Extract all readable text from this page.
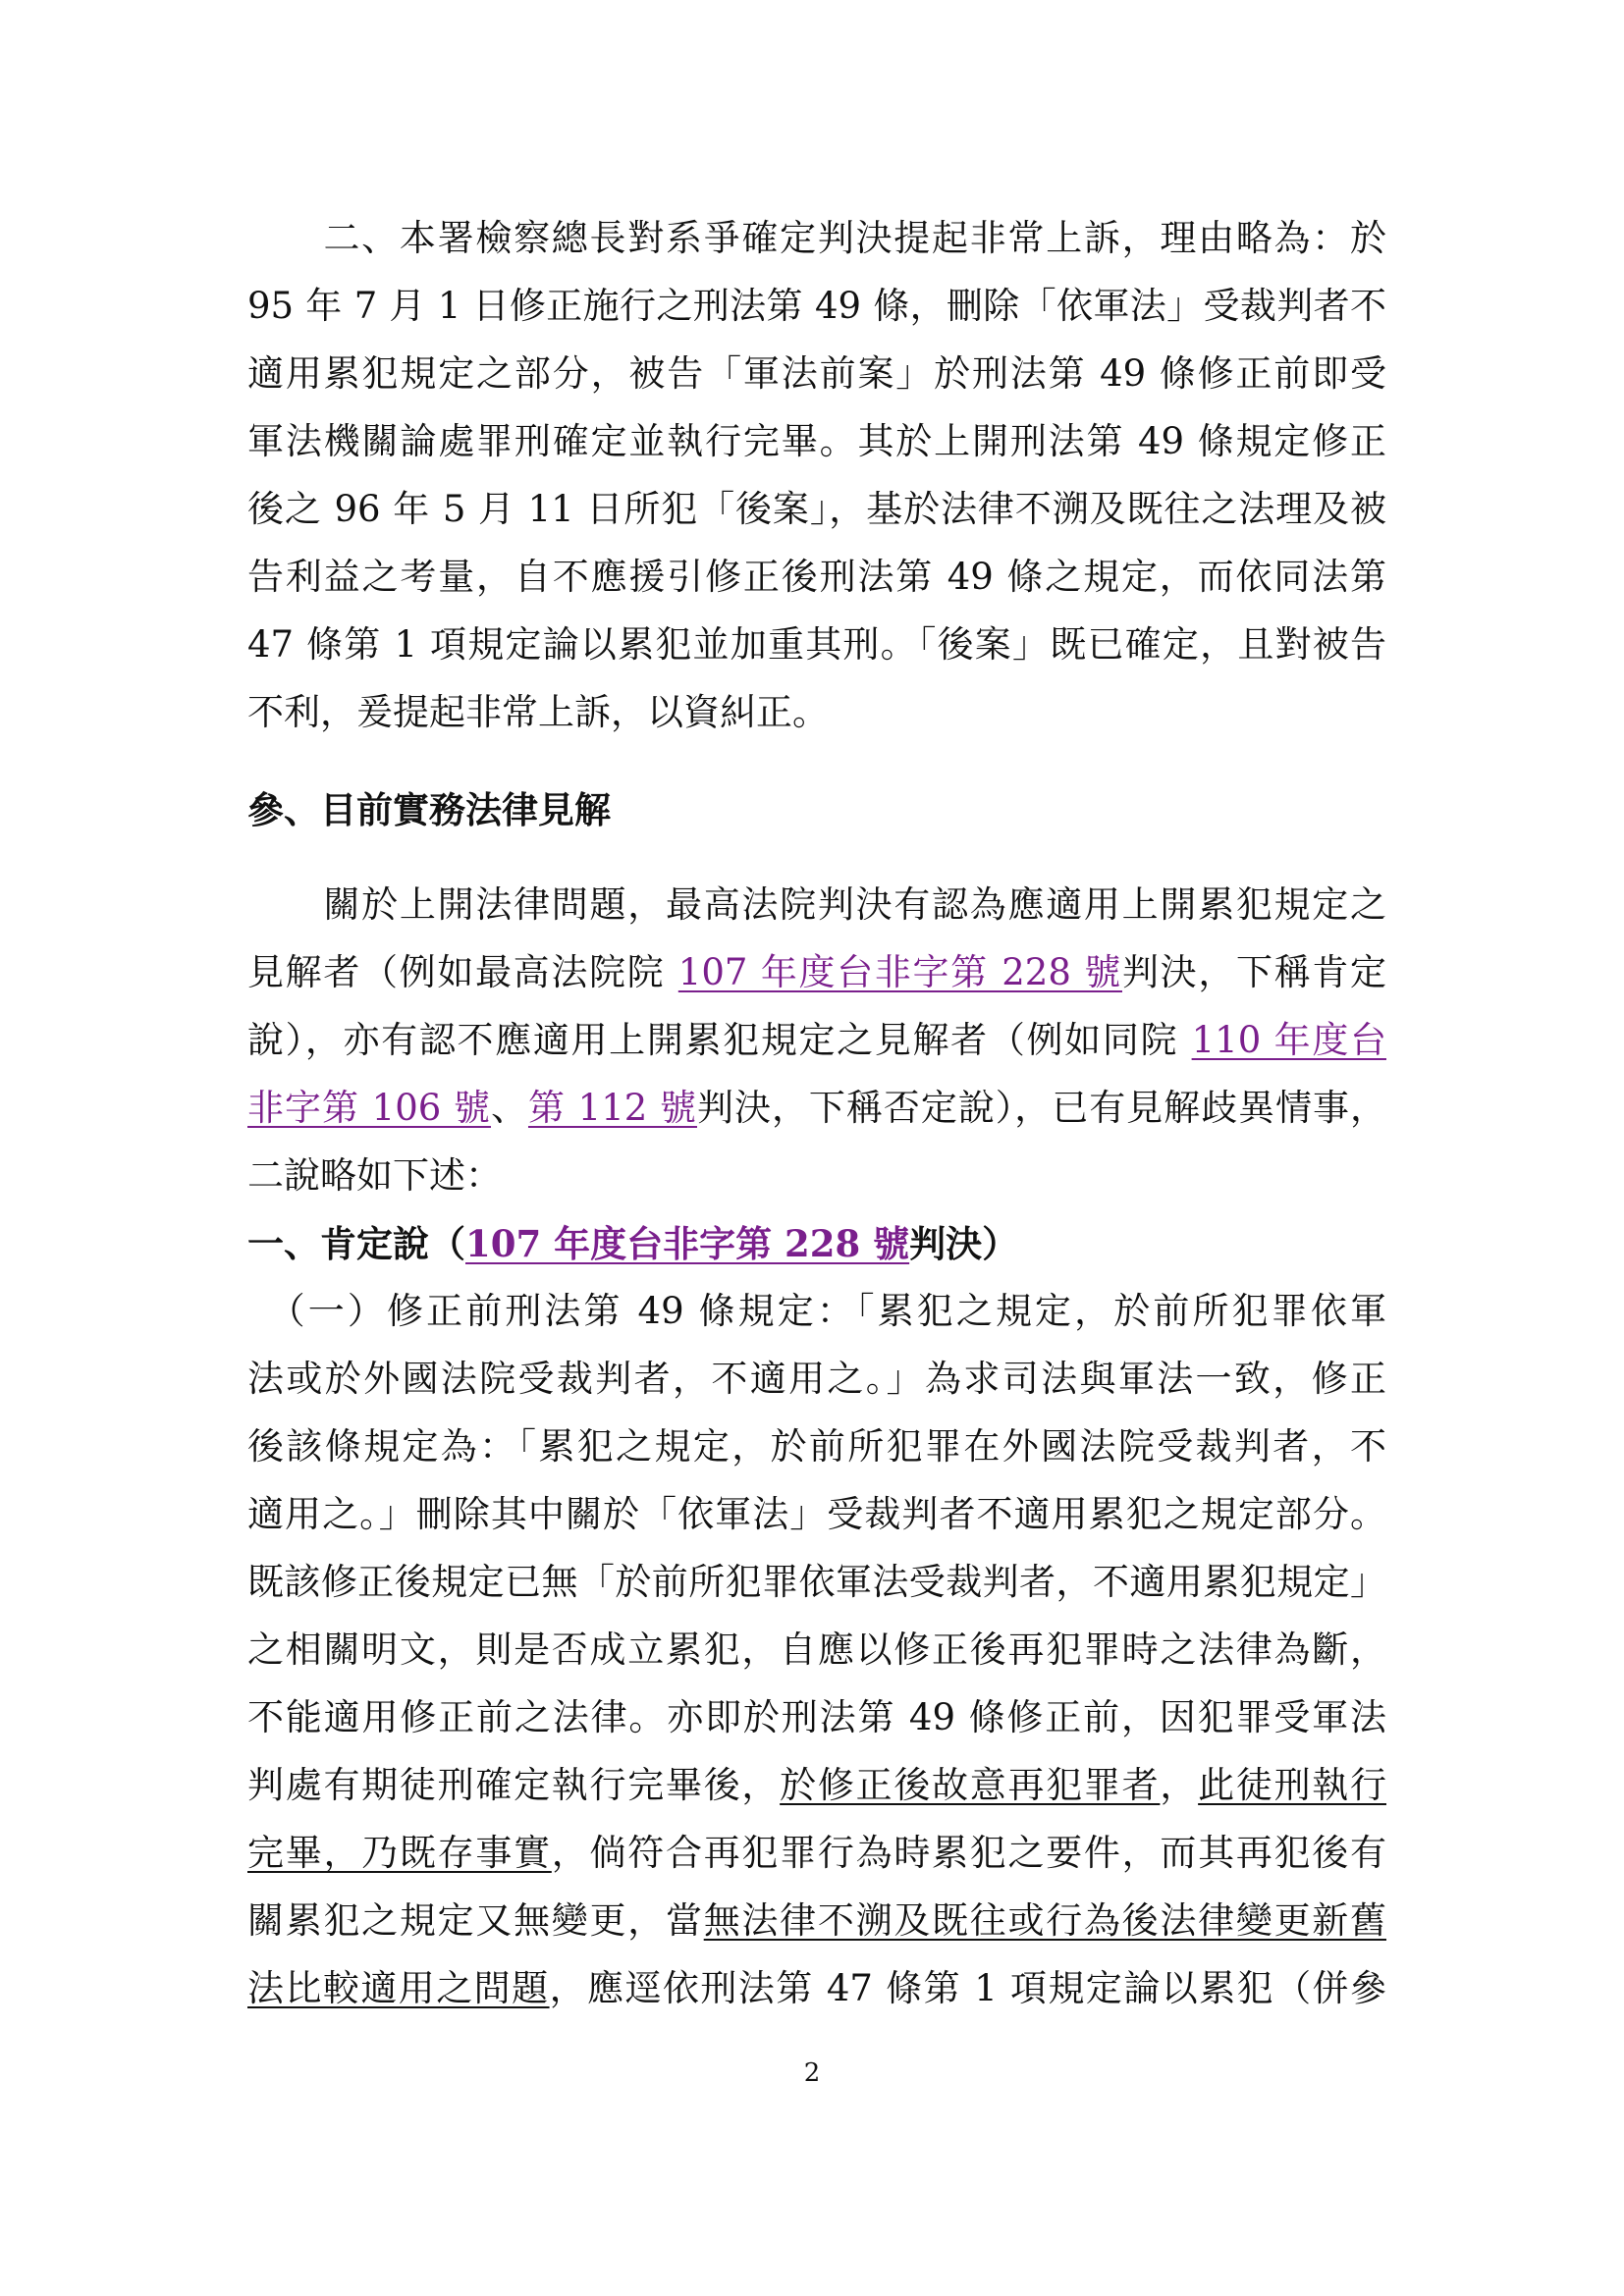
　　二、本署檢察總長對系爭確定判決提起非常上訴，理由略為：於
95 年 7 月 1 日修正施行之刑法第 49 條，刪除「依軍法」受裁判者不
適用累犯規定之部分，被告「軍法前案」於刑法第 49 條修正前即受
軍法機關論處罪刑確定並執行完畢。其於上開刑法第 49 條規定修正
後之 96 年 5 月 11 日所犯「後案」，基於法律不溯及既往之法理及被
告利益之考量，自不應援引修正後刑法第 49 條之規定，而依同法第
47 條第 1 項規定論以累犯並加重其刑。「後案」既已確定，且對被告
不利，爰提起非常上訴，以資糾正。
參、目前實務法律見解
　　關於上開法律問題，最高法院判決有認為應適用上開累犯規定之
見解者（例如最高法院院 107 年度台非字第 228 號判決，下稱肯定
說），亦有認不應適用上開累犯規定之見解者（例如同院 110 年度台
非字第 106 號、第 112 號判決，下稱否定說），已有見解歧異情事，
二說略如下述：
一、肯定說（107 年度台非字第 228 號判決）
　（一）修正前刑法第 49 條規定：「累犯之規定，於前所犯罪依軍
法或於外國法院受裁判者，不適用之。」為求司法與軍法一致，修正
後該條規定為：「累犯之規定，於前所犯罪在外國法院受裁判者，不
適用之。」刪除其中關於「依軍法」受裁判者不適用累犯之規定部分。
既該修正後規定已無「於前所犯罪依軍法受裁判者，不適用累犯規定」
之相關明文，則是否成立累犯，自應以修正後再犯罪時之法律為斷，
不能適用修正前之法律。亦即於刑法第 49 條修正前，因犯罪受軍法
判處有期徒刑確定執行完畢後，於修正後故意再犯罪者，此徒刑執行
完畢，乃既存事實，倘符合再犯罪行為時累犯之要件，而其再犯後有
關累犯之規定又無變更，當無法律不溯及既往或行為後法律變更新舊
法比較適用之問題，應逕依刑法第 47 條第 1 項規定論以累犯（併參
2
